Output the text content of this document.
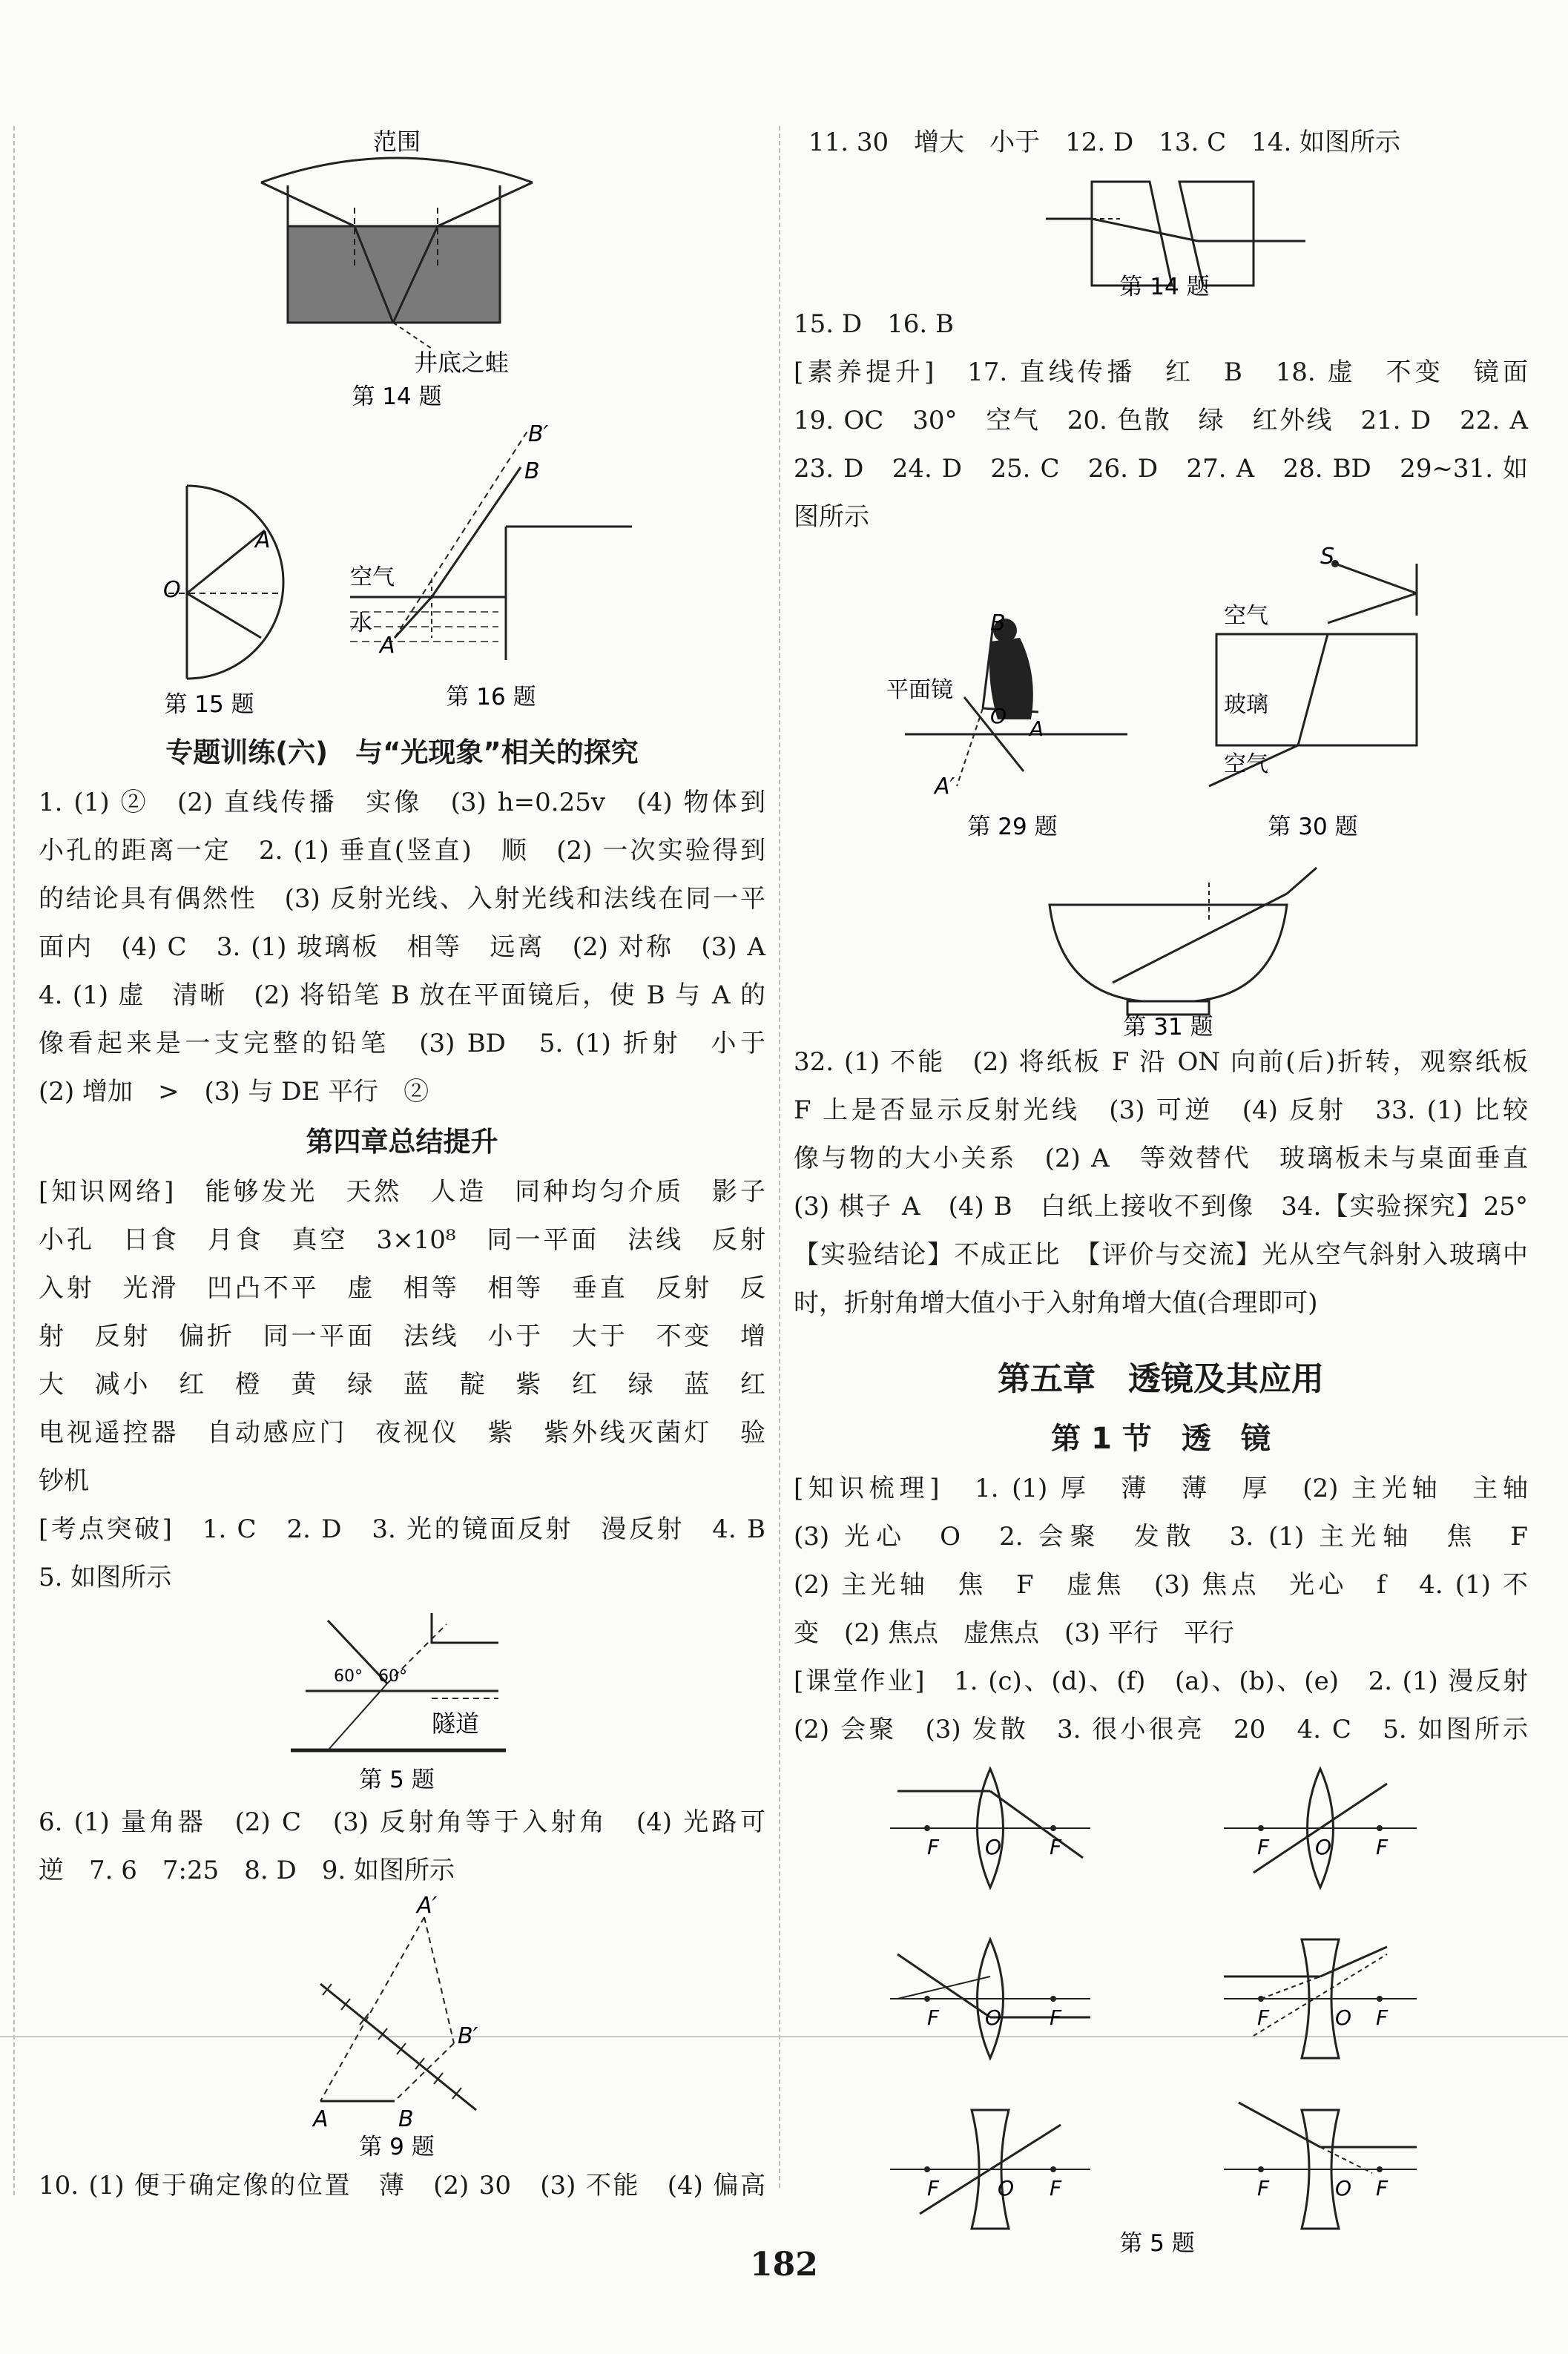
范围
井底之蛙
第 14 题
O
A
第 15 题
空气
水
A
B
B′
第 16 题
专题训练(六)　与“光现象”相关的探究
1. (1) ②　(2) 直线传播　实像　(3) h=0.25v　(4) 物体到
小孔的距离一定　2. (1) 垂直(竖直)　顺　(2) 一次实验得到
的结论具有偶然性　(3) 反射光线、入射光线和法线在同一平
面内　(4) C　3. (1) 玻璃板　相等　远离　(2) 对称　(3) A
4. (1) 虚　清晰　(2) 将铅笔 B 放在平面镜后，使 B 与 A 的
像看起来是一支完整的铅笔　(3) BD　5. (1) 折射　小于
(2) 增加　>　(3) 与 DE 平行　②
第四章总结提升
[知识网络]　能够发光　天然　人造　同种均匀介质　影子
小孔　日食　月食　真空　3×10⁸　同一平面　法线　反射
入射　光滑　凹凸不平　虚　相等　相等　垂直　反射　反
射　反射　偏折　同一平面　法线　小于　大于　不变　增
大　减小　红　橙　黄　绿　蓝　靛　紫　红　绿　蓝　红
电视遥控器　自动感应门　夜视仪　紫　紫外线灭菌灯　验
钞机
[考点突破]　1. C　2. D　3. 光的镜面反射　漫反射　4. B
5. 如图所示
60° 60°
隧道
第 5 题
6. (1) 量角器　(2) C　(3) 反射角等于入射角　(4) 光路可
逆　7. 6　7:25　8. D　9. 如图所示
A′
B′
A	B
第 9 题
10. (1) 便于确定像的位置　薄　(2) 30　(3) 不能　(4) 偏高
11. 30　增大　小于　12. D　13. C　14. 如图所示
第 14 题
15. D　16. B
[素养提升]　17. 直线传播　红　B　18. 虚　不变　镜面
19. OC　30°　空气　20. 色散　绿　红外线　21. D　22. A
23. D　24. D　25. C　26. D　27. A　28. BD　29~31. 如
图所示
B
平面镜
O
A
A′
第 29 题
S
空气
玻璃
空气
第 30 题
第 31 题
32. (1) 不能　(2) 将纸板 F 沿 ON 向前(后)折转，观察纸板
F 上是否显示反射光线　(3) 可逆　(4) 反射　33. (1) 比较
像与物的大小关系　(2) A　等效替代　玻璃板未与桌面垂直
(3) 棋子 A　(4) B　白纸上接收不到像　34.【实验探究】25°
【实验结论】不成正比　【评价与交流】光从空气斜射入玻璃中
时，折射角增大值小于入射角增大值(合理即可)
第五章　透镜及其应用
第 1 节　透　镜
[知识梳理]　1. (1) 厚　薄　薄　厚　(2) 主光轴　主轴
(3) 光心　O　2. 会聚　发散　3. (1) 主光轴　焦　F
(2) 主光轴　焦　F　虚焦　(3) 焦点　光心　f　4. (1) 不
变　(2) 焦点　虚焦点　(3) 平行　平行
[课堂作业]　1. (c)、(d)、(f)　(a)、(b)、(e)　2. (1) 漫反射
(2) 会聚　(3) 发散　3. 很小很亮　20　4. C　5. 如图所示
F O F	F O F
F O F	F	O F
F	O F	F	O F
第 5 题
182
